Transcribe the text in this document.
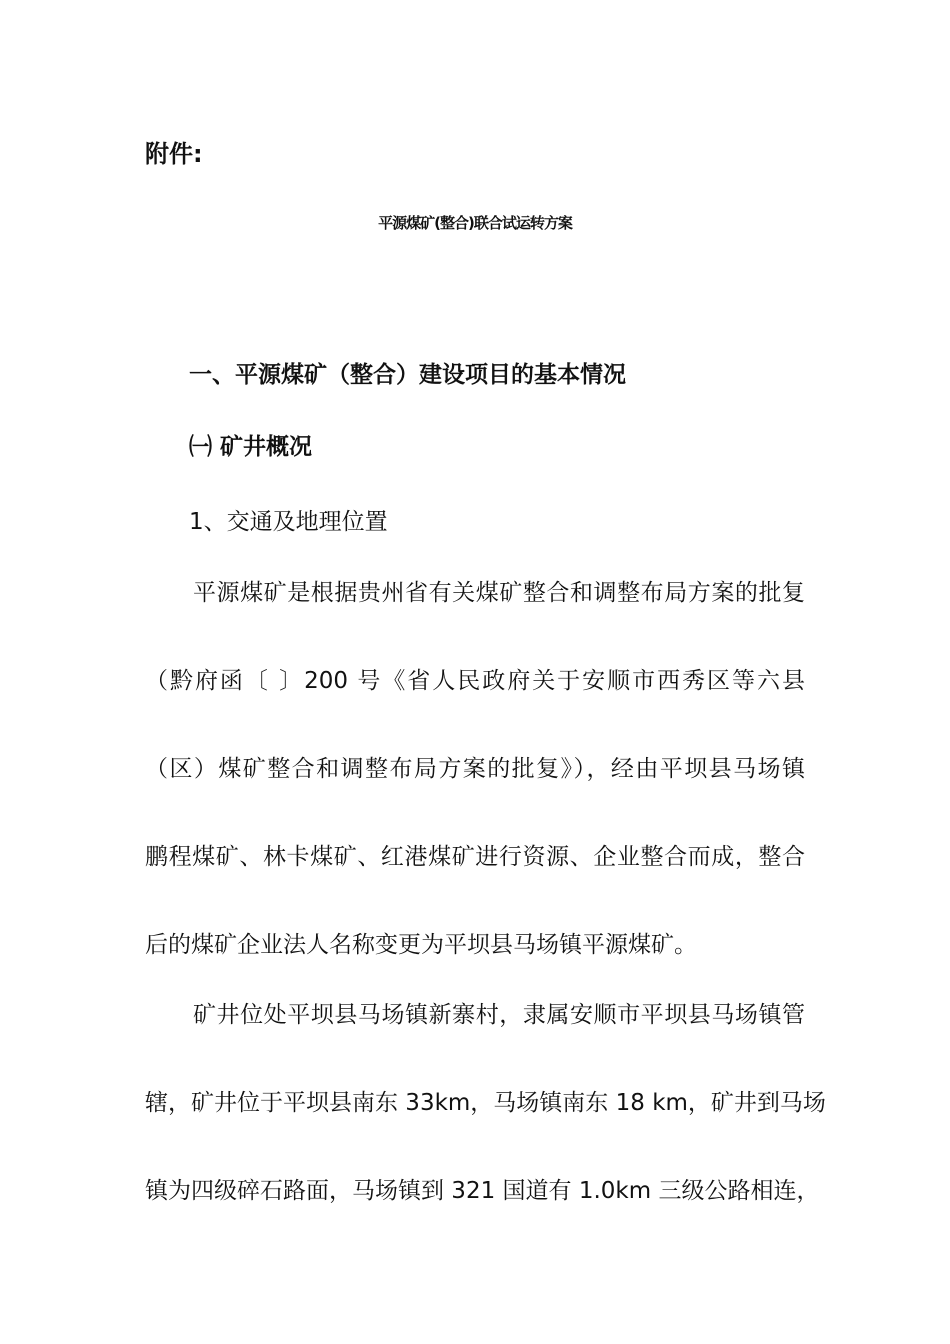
附件:
平源煤矿(整合)联合试运转方案
一、平源煤矿（整合）建设项目的基本情况
㈠ 矿井概况
1、交通及地理位置
平源煤矿是根据贵州省有关煤矿整合和调整布局方案的批复
（黔府函〔 〕200 号《省人民政府关于安顺市西秀区等六县
（区）煤矿整合和调整布局方案的批复》），经由平坝县马场镇
鹏程煤矿、林卡煤矿、红港煤矿进行资源、企业整合而成，整合
后的煤矿企业法人名称变更为平坝县马场镇平源煤矿。
矿井位处平坝县马场镇新寨村，隶属安顺市平坝县马场镇管
辖，矿井位于平坝县南东 33km，马场镇南东 18 km，矿井到马场
镇为四级碎石路面，马场镇到 321 国道有 1.0km 三级公路相连，
